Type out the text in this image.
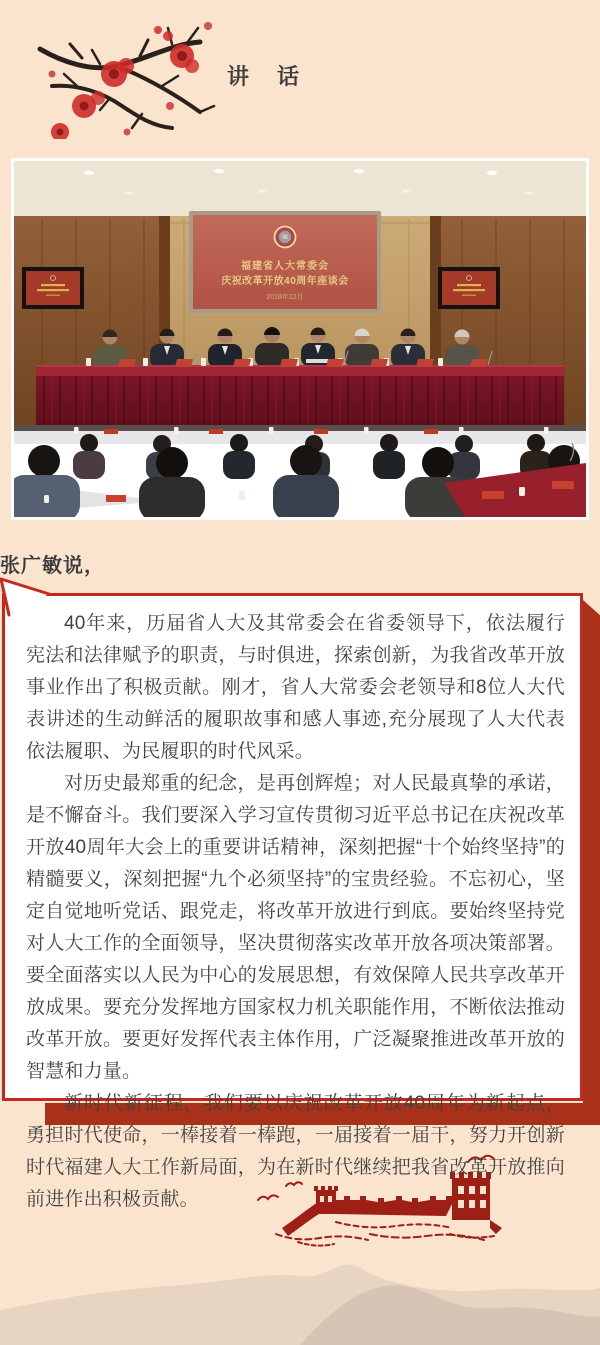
讲　话
福建省人大常委会
庆祝改革开放40周年座谈会
2018年12月
张广敏说，

40年来，历届省人大及其常委会在省委领导下，依法履行宪法和法律赋予的职责，与时俱进，探索创新，为我省改革开放事业作出了积极贡献。刚才，省人大常委会老领导和8位人大代表讲述的生动鲜活的履职故事和感人事迹,充分展现了人大代表依法履职、为民履职的时代风采。

对历史最郑重的纪念，是再创辉煌；对人民最真挚的承诺，是不懈奋斗。我们要深入学习宣传贯彻习近平总书记在庆祝改革开放40周年大会上的重要讲话精神，深刻把握“十个始终坚持”的精髓要义，深刻把握“九个必须坚持”的宝贵经验。不忘初心，坚定自觉地听党话、跟党走，将改革开放进行到底。要始终坚持党对人大工作的全面领导，坚决贯彻落实改革开放各项决策部署。要全面落实以人民为中心的发展思想，有效保障人民共享改革开放成果。要充分发挥地方国家权力机关职能作用，不断依法推动改革开放。要更好发挥代表主体作用，广泛凝聚推进改革开放的智慧和力量。

新时代新征程，我们要以庆祝改革开放40周年为新起点，勇担时代使命，一棒接着一棒跑，一届接着一届干，努力开创新时代福建人大工作新局面，为在新时代继续把我省改革开放推向前进作出积极贡献。
